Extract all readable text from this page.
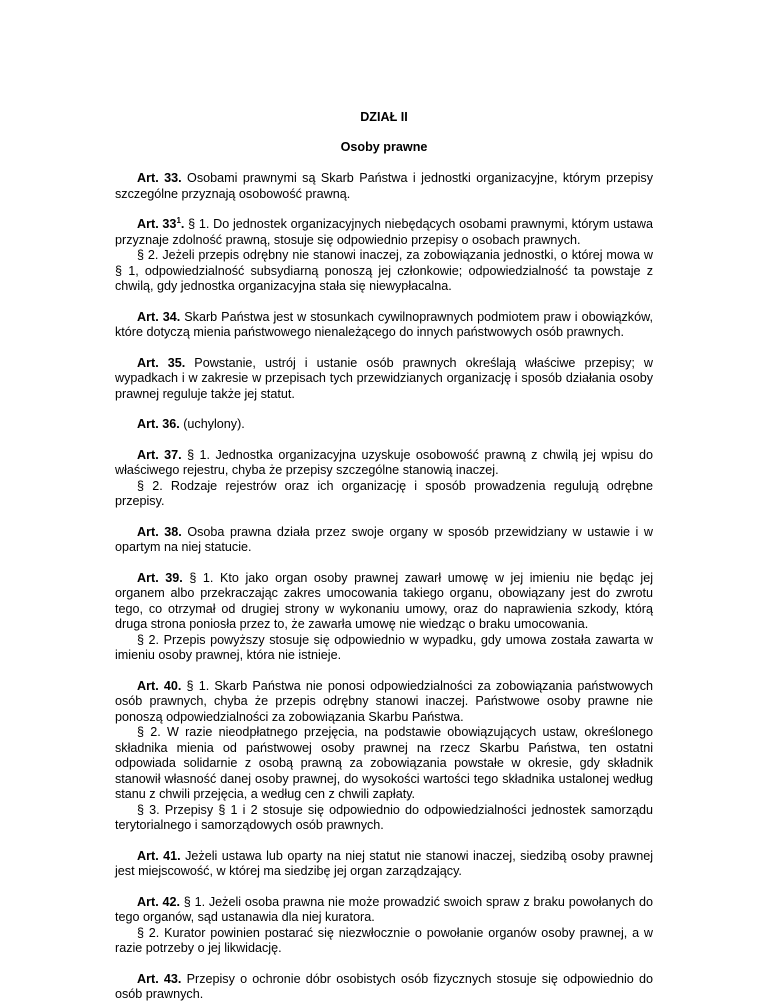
DZIAŁ II
Osoby prawne

Art. 33. Osobami prawnymi są Skarb Państwa i jednostki organizacyjne, którym przepisy szczególne przyznają osobowość prawną.

Art. $33^1$. § 1. Do jednostek organizacyjnych niebędących osobami prawnymi, którym ustawa przyznaje zdolność prawną, stosuje się odpowiednio przepisy o osobach prawnych.

§ 2. Jeżeli przepis odrębny nie stanowi inaczej, za zobowiązania jednostki, o której mowa w § 1, odpowiedzialność subsydiarną ponoszą jej członkowie; odpowiedzialność ta powstaje z chwilą, gdy jednostka organizacyjna stała się niewypłacalna.

Art. 34. Skarb Państwa jest w stosunkach cywilnoprawnych podmiotem praw i obowiązków, które dotyczą mienia państwowego nienależącego do innych państwowych osób prawnych.

Art. 35. Powstanie, ustrój i ustanie osób prawnych określają właściwe przepisy; w wypadkach i w zakresie w przepisach tych przewidzianych organizację i sposób działania osoby prawnej reguluje także jej statut.

Art. 36. (uchylony).

Art. 37. § 1. Jednostka organizacyjna uzyskuje osobowość prawną z chwilą jej wpisu do właściwego rejestru, chyba że przepisy szczególne stanowią inaczej.

§ 2. Rodzaje rejestrów oraz ich organizację i sposób prowadzenia regulują odrębne przepisy.

Art. 38. Osoba prawna działa przez swoje organy w sposób przewidziany w ustawie i w opartym na niej statucie.

Art. 39. § 1. Kto jako organ osoby prawnej zawarł umowę w jej imieniu nie będąc jej organem albo przekraczając zakres umocowania takiego organu, obowiązany jest do zwrotu tego, co otrzymał od drugiej strony w wykonaniu umowy, oraz do naprawienia szkody, którą druga strona poniosła przez to, że zawarła umowę nie wiedząc o braku umocowania.

§ 2. Przepis powyższy stosuje się odpowiednio w wypadku, gdy umowa została zawarta w imieniu osoby prawnej, która nie istnieje.

Art. 40. § 1. Skarb Państwa nie ponosi odpowiedzialności za zobowiązania państwowych osób prawnych, chyba że przepis odrębny stanowi inaczej. Państwowe osoby prawne nie ponoszą odpowiedzialności za zobowiązania Skarbu Państwa.

§ 2. W razie nieodpłatnego przejęcia, na podstawie obowiązujących ustaw, określonego składnika mienia od państwowej osoby prawnej na rzecz Skarbu Państwa, ten ostatni odpowiada solidarnie z osobą prawną za zobowiązania powstałe w okresie, gdy składnik stanowił własność danej osoby prawnej, do wysokości wartości tego składnika ustalonej według stanu z chwili przejęcia, a według cen z chwili zapłaty.

§ 3. Przepisy § 1 i 2 stosuje się odpowiednio do odpowiedzialności jednostek samorządu terytorialnego i samorządowych osób prawnych.

Art. 41. Jeżeli ustawa lub oparty na niej statut nie stanowi inaczej, siedzibą osoby prawnej jest miejscowość, w której ma siedzibę jej organ zarządzający.

Art. 42. § 1. Jeżeli osoba prawna nie może prowadzić swoich spraw z braku powołanych do tego organów, sąd ustanawia dla niej kuratora.

§ 2. Kurator powinien postarać się niezwłocznie o powołanie organów osoby prawnej, a w razie potrzeby o jej likwidację.

Art. 43. Przepisy o ochronie dóbr osobistych osób fizycznych stosuje się odpowiednio do osób prawnych.
